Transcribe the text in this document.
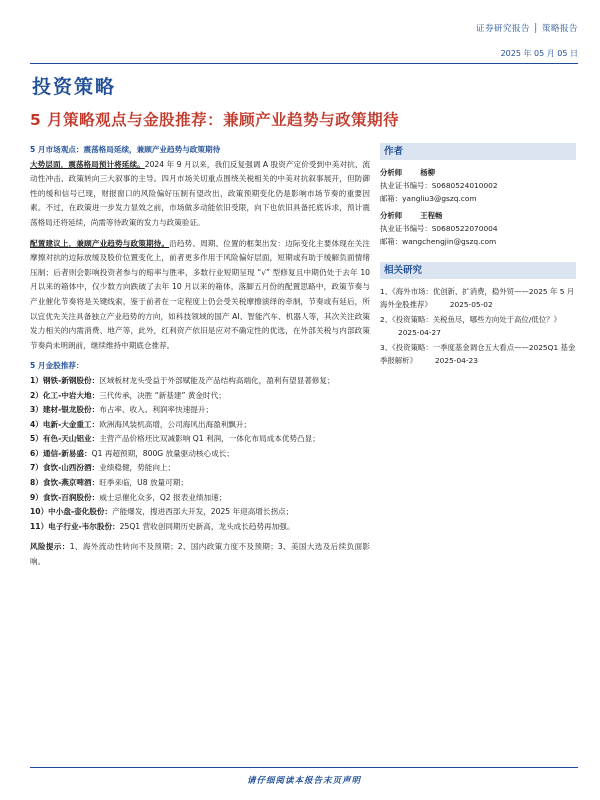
证券研究报告 │ 策略报告
2025 年 05 月 05 日
投资策略
5 月策略观点与金股推荐：兼顾产业趋势与政策期待
5 月市场观点：震荡格局延续，兼顾产业趋势与政策期待
大势层面，震荡格局预计将延续。2024 年 9 月以来，我们反复强调 A 股资产定价受到中美对抗、流动性冲击、政策转向三大叙事的主导。四月市场关切重点围绕关税相关的中美对抗叙事展开，但防御性的缓和信号已现，财报窗口的风险偏好压制有望改出，政策预期变化仍是影响市场节奏的重要因素。不过，在政策进一步发力显效之前，市场做多动能依旧受限，向下也依旧具备托底诉求，预计震荡格局还将延续，尚需等待政策的发力与政策验证。
配置建议上，兼顾产业趋势与政策期待。沿趋势、周期、位置的框架出发：边际变化主要体现在关注摩擦对抗的边际放缓及股价位置变化上，前者更多作用于风险偏好层面，短期或有助于缓解负面情绪压制；后者则会影响投资者参与的赔率与胜率，多数行业短期呈现 “√” 型修复且中期仍处于去年 10 月以来的箱体中，仅少数方向跌破了去年 10 月以来的箱体，落脚五月份的配置思路中，政策节奏与产业催化节奏将是关键线索，鉴于前者在一定程度上仍会受关税摩擦演绎的牵制，节奏或有延后，所以宜优先关注具备独立产业趋势的方向，如科技领域的国产 AI、智能汽车、机器人等，其次关注政策发力相关的内需消费、地产等，此外，红利资产依旧是应对不确定性的优选，在外部关税与内部政策节奏尚未明朗前，继续维持中期底仓推荐。
5 月金股推荐：
1）钢铁-新钢股份：区域板材龙头受益于外部赋能及产品结构高端化，盈利有望显著修复；
2）化工-中岩大地：三代传承，决胜 “新基建” 黄金时代；
3）建材-银龙股份：布占率、收入、利润率快速提升；
4）电新-大金重工：欧洲海风装机高增，公司海风出海盈利飘升；
5）有色-天山铝业：主营产品价格坯比双减影响 Q1 利润，一体化布局成本优势凸显；
6）通信-新易盛：Q1 再超预期，800G 放量驱动核心成长；
7）食饮-山西汾酒：业绩稳健，势能向上；
8）食饮-燕京啤酒：旺季来临，U8 放量可期；
9）食饮-百润股份：威士忌催化众多，Q2 报表业绩加速；
10）中小盘-壶化股份：产能爆发，搜进西部大开发，2025 年迎高增长拐点；
11）电子行业-韦尔股份：25Q1 营收创同期历史新高，龙头成长趋势再加强。
风险提示：1、海外流动性转向不及预期；2、国内政策力度不及预期；3、美国大选及后续负面影响。
作者
分析师 杨柳
执业证书编号：S0680524010002
邮箱：yangliu3@gszq.com
分析师 王程畅
执业证书编号：S0680522070004
邮箱：wangchengjin@gszq.com
相关研究
1、《海外市场：优创新、扩消费，稳外贸——2025 年 5 月海外金股推荐》 2025-05-02
2、《投资策略：关税鱼尽，哪些方向处于高位/低位？》2025-04-27
3、《投资策略：一季度基金调仓五大看点——2025Q1 基金季报解析》 2025-04-23
请仔细阅读本报告末页声明
